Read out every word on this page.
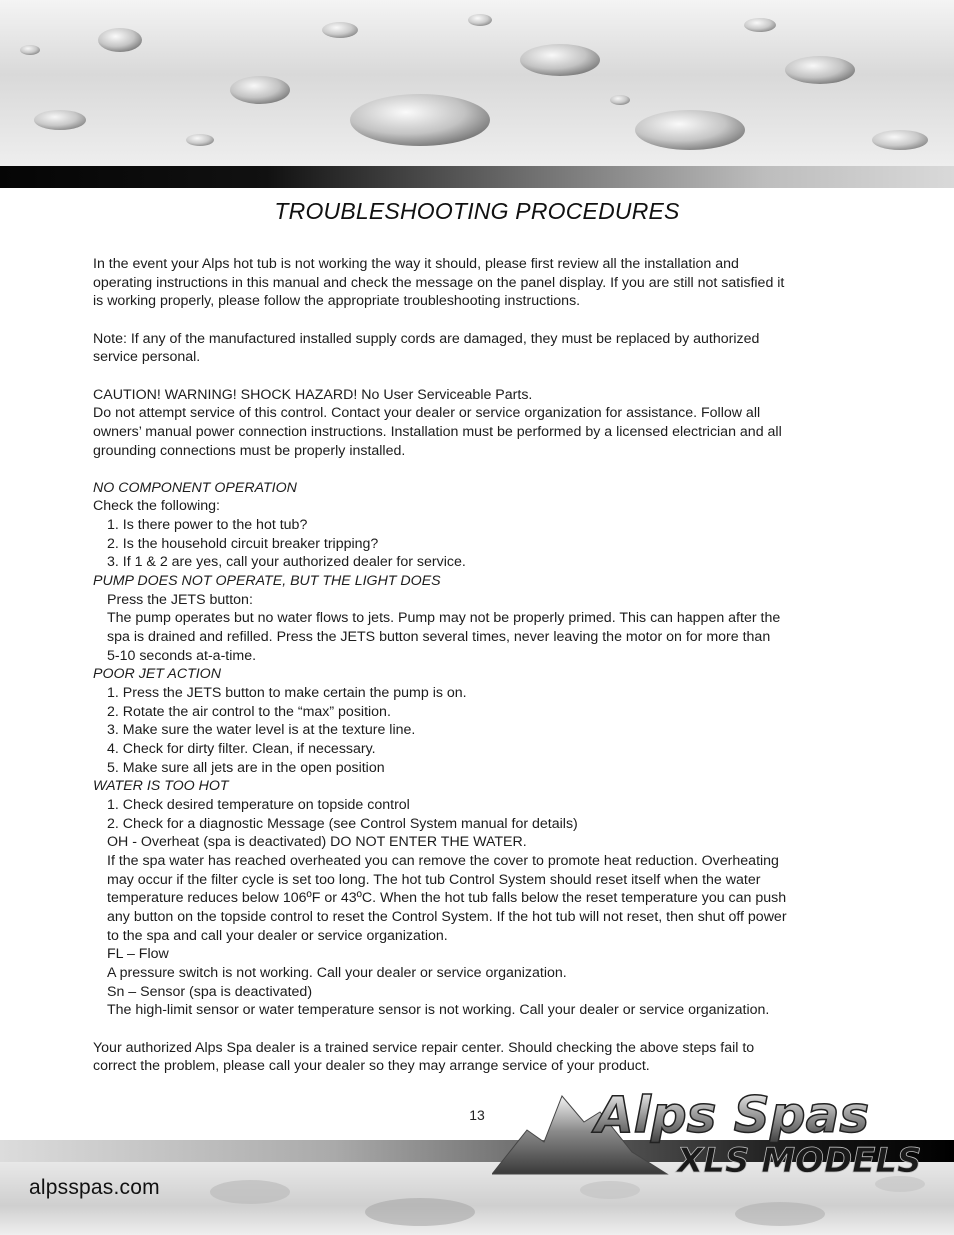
TROUBLESHOOTING PROCEDURES

In the event your Alps hot tub is not working the way it should, please first review all the installation and

operating instructions in this manual and check the message on the panel display. If you are still not satisfied it

is working properly, please follow the appropriate troubleshooting instructions.

Note: If any of the manufactured installed supply cords are damaged, they must be replaced by authorized

service personal.

CAUTION! WARNING! SHOCK HAZARD! No User Serviceable Parts.

Do not attempt service of this control. Contact your dealer or service organization for assistance. Follow all

owners’ manual power connection instructions. Installation must be performed by a licensed electrician and all

grounding connections must be properly installed.

NO COMPONENT OPERATION

Check the following:

1. Is there power to the hot tub?

2. Is the household circuit breaker tripping?

3. If 1 & 2 are yes, call your authorized dealer for service.

PUMP DOES NOT OPERATE, BUT THE LIGHT DOES

Press the JETS button:

The pump operates but no water flows to jets. Pump may not be properly primed. This can happen after the

spa is drained and refilled. Press the JETS button several times, never leaving the motor on for more than

5-10 seconds at-a-time.

POOR JET ACTION

1. Press the JETS button to make certain the pump is on.

2. Rotate the air control to the “max” position.

3. Make sure the water level is at the texture line.

4. Check for dirty filter. Clean, if necessary.

5. Make sure all jets are in the open position

WATER IS TOO HOT

1. Check desired temperature on topside control

2. Check for a diagnostic Message (see Control System manual for details)

OH - Overheat (spa is deactivated) DO NOT ENTER THE WATER.

If the spa water has reached overheated you can remove the cover to promote heat reduction. Overheating

may occur if the filter cycle is set too long. The hot tub Control System should reset itself when the water

temperature reduces below 106ºF or 43ºC. When the hot tub falls below the reset temperature you can push

any button on the topside control to reset the Control System. If the hot tub will not reset, then shut off power

to the spa and call your dealer or service organization.

FL – Flow

A pressure switch is not working. Call your dealer or service organization.

Sn – Sensor (spa is deactivated)

The high-limit sensor or water temperature sensor is not working. Call your dealer or service organization.

Your authorized Alps Spa dealer is a trained service repair center. Should checking the above steps fail to

correct the problem, please call your dealer so they may arrange service of your product.

13
alpsspas.com
Alps Spas
XLS MODELS
